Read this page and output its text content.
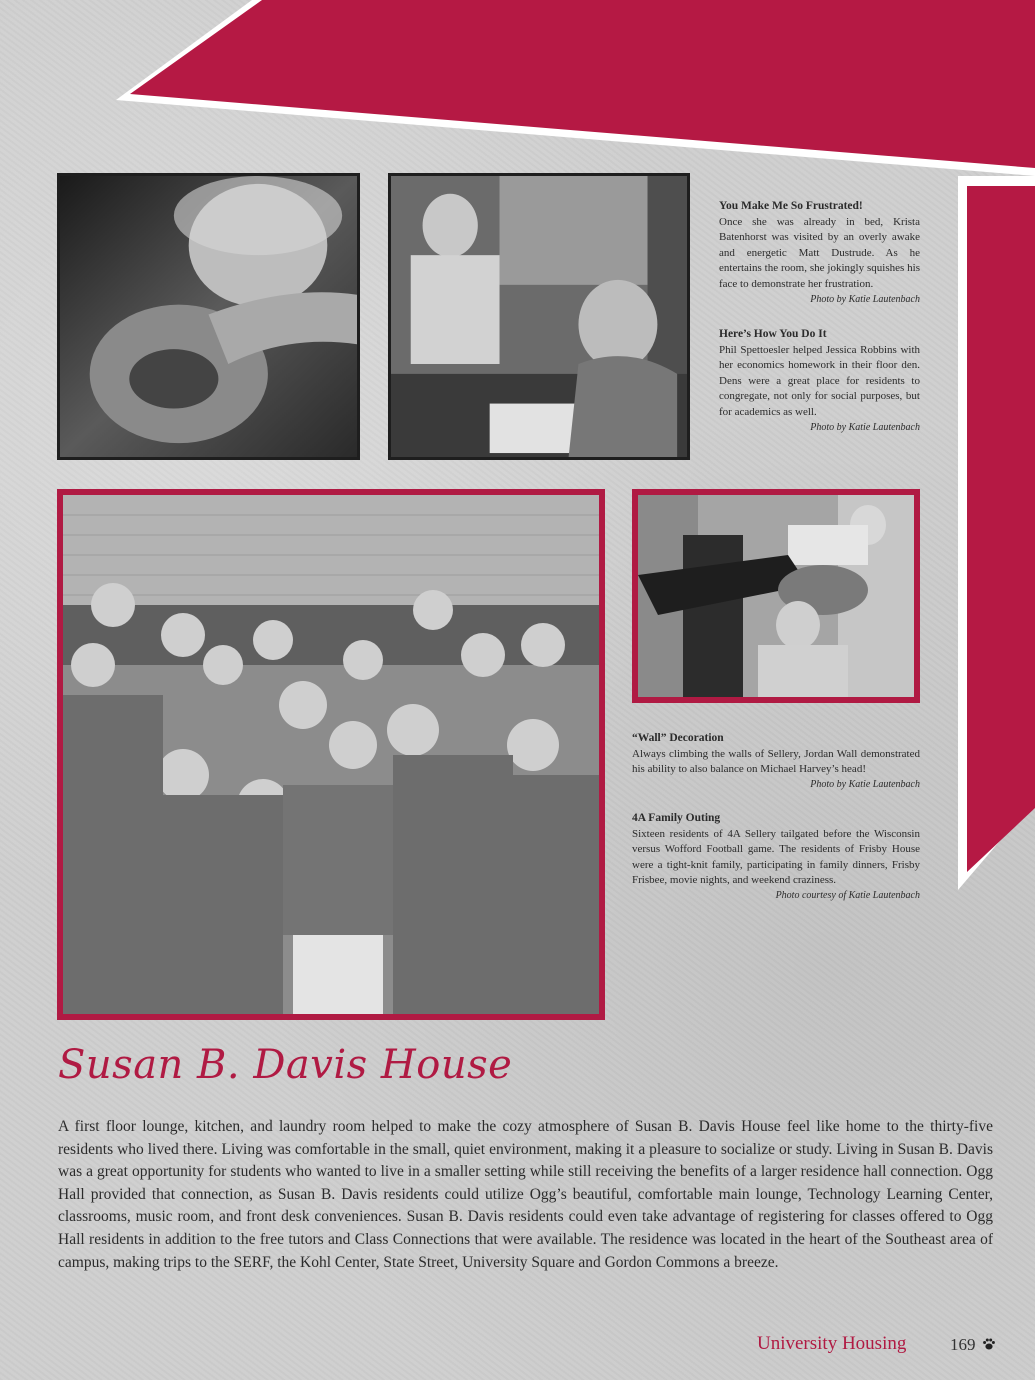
You Make Me So Frustrated!
Once she was already in bed, Krista Batenhorst was visited by an overly awake and energetic Matt Dustrude. As he entertains the room, she jokingly squishes his face to demonstrate her frustration.
Photo by Katie Lautenbach
Here’s How You Do It
Phil Spettoesler helped Jessica Robbins with her economics homework in their floor den. Dens were a great place for residents to congregate, not only for social purposes, but for academics as well.
Photo by Katie Lautenbach
“Wall” Decoration
Always climbing the walls of Sellery, Jordan Wall demonstrated his ability to also balance on Michael Harvey’s head!
Photo by Katie Lautenbach
4A Family Outing
Sixteen residents of 4A Sellery tailgated before the Wisconsin versus Wofford Football game. The residents of Frisby House were a tight-knit family, participating in family dinners, Frisby Frisbee, movie nights, and weekend craziness.
Photo courtesy of Katie Lautenbach
Susan B. Davis House
A first floor lounge, kitchen, and laundry room helped to make the cozy atmosphere of Susan B. Davis House feel like home to the thirty-five residents who lived there. Living was comfortable in the small, quiet environment, making it a pleasure to socialize or study. Living in Susan B. Davis was a great opportunity for students who wanted to live in a smaller setting while still receiving the benefits of a larger residence hall connection. Ogg Hall provided that connection, as Susan B. Davis residents could utilize Ogg’s beautiful, comfortable main lounge, Technology Learning Center, classrooms, music room, and front desk conveniences. Susan B. Davis residents could even take advantage of registering for classes offered to Ogg Hall residents in addition to the free tutors and Class Connections that were available. The residence was located in the heart of the Southeast area of campus, making trips to the SERF, the Kohl Center, State Street, University Square and Gordon Commons a breeze.
University Housing	169
